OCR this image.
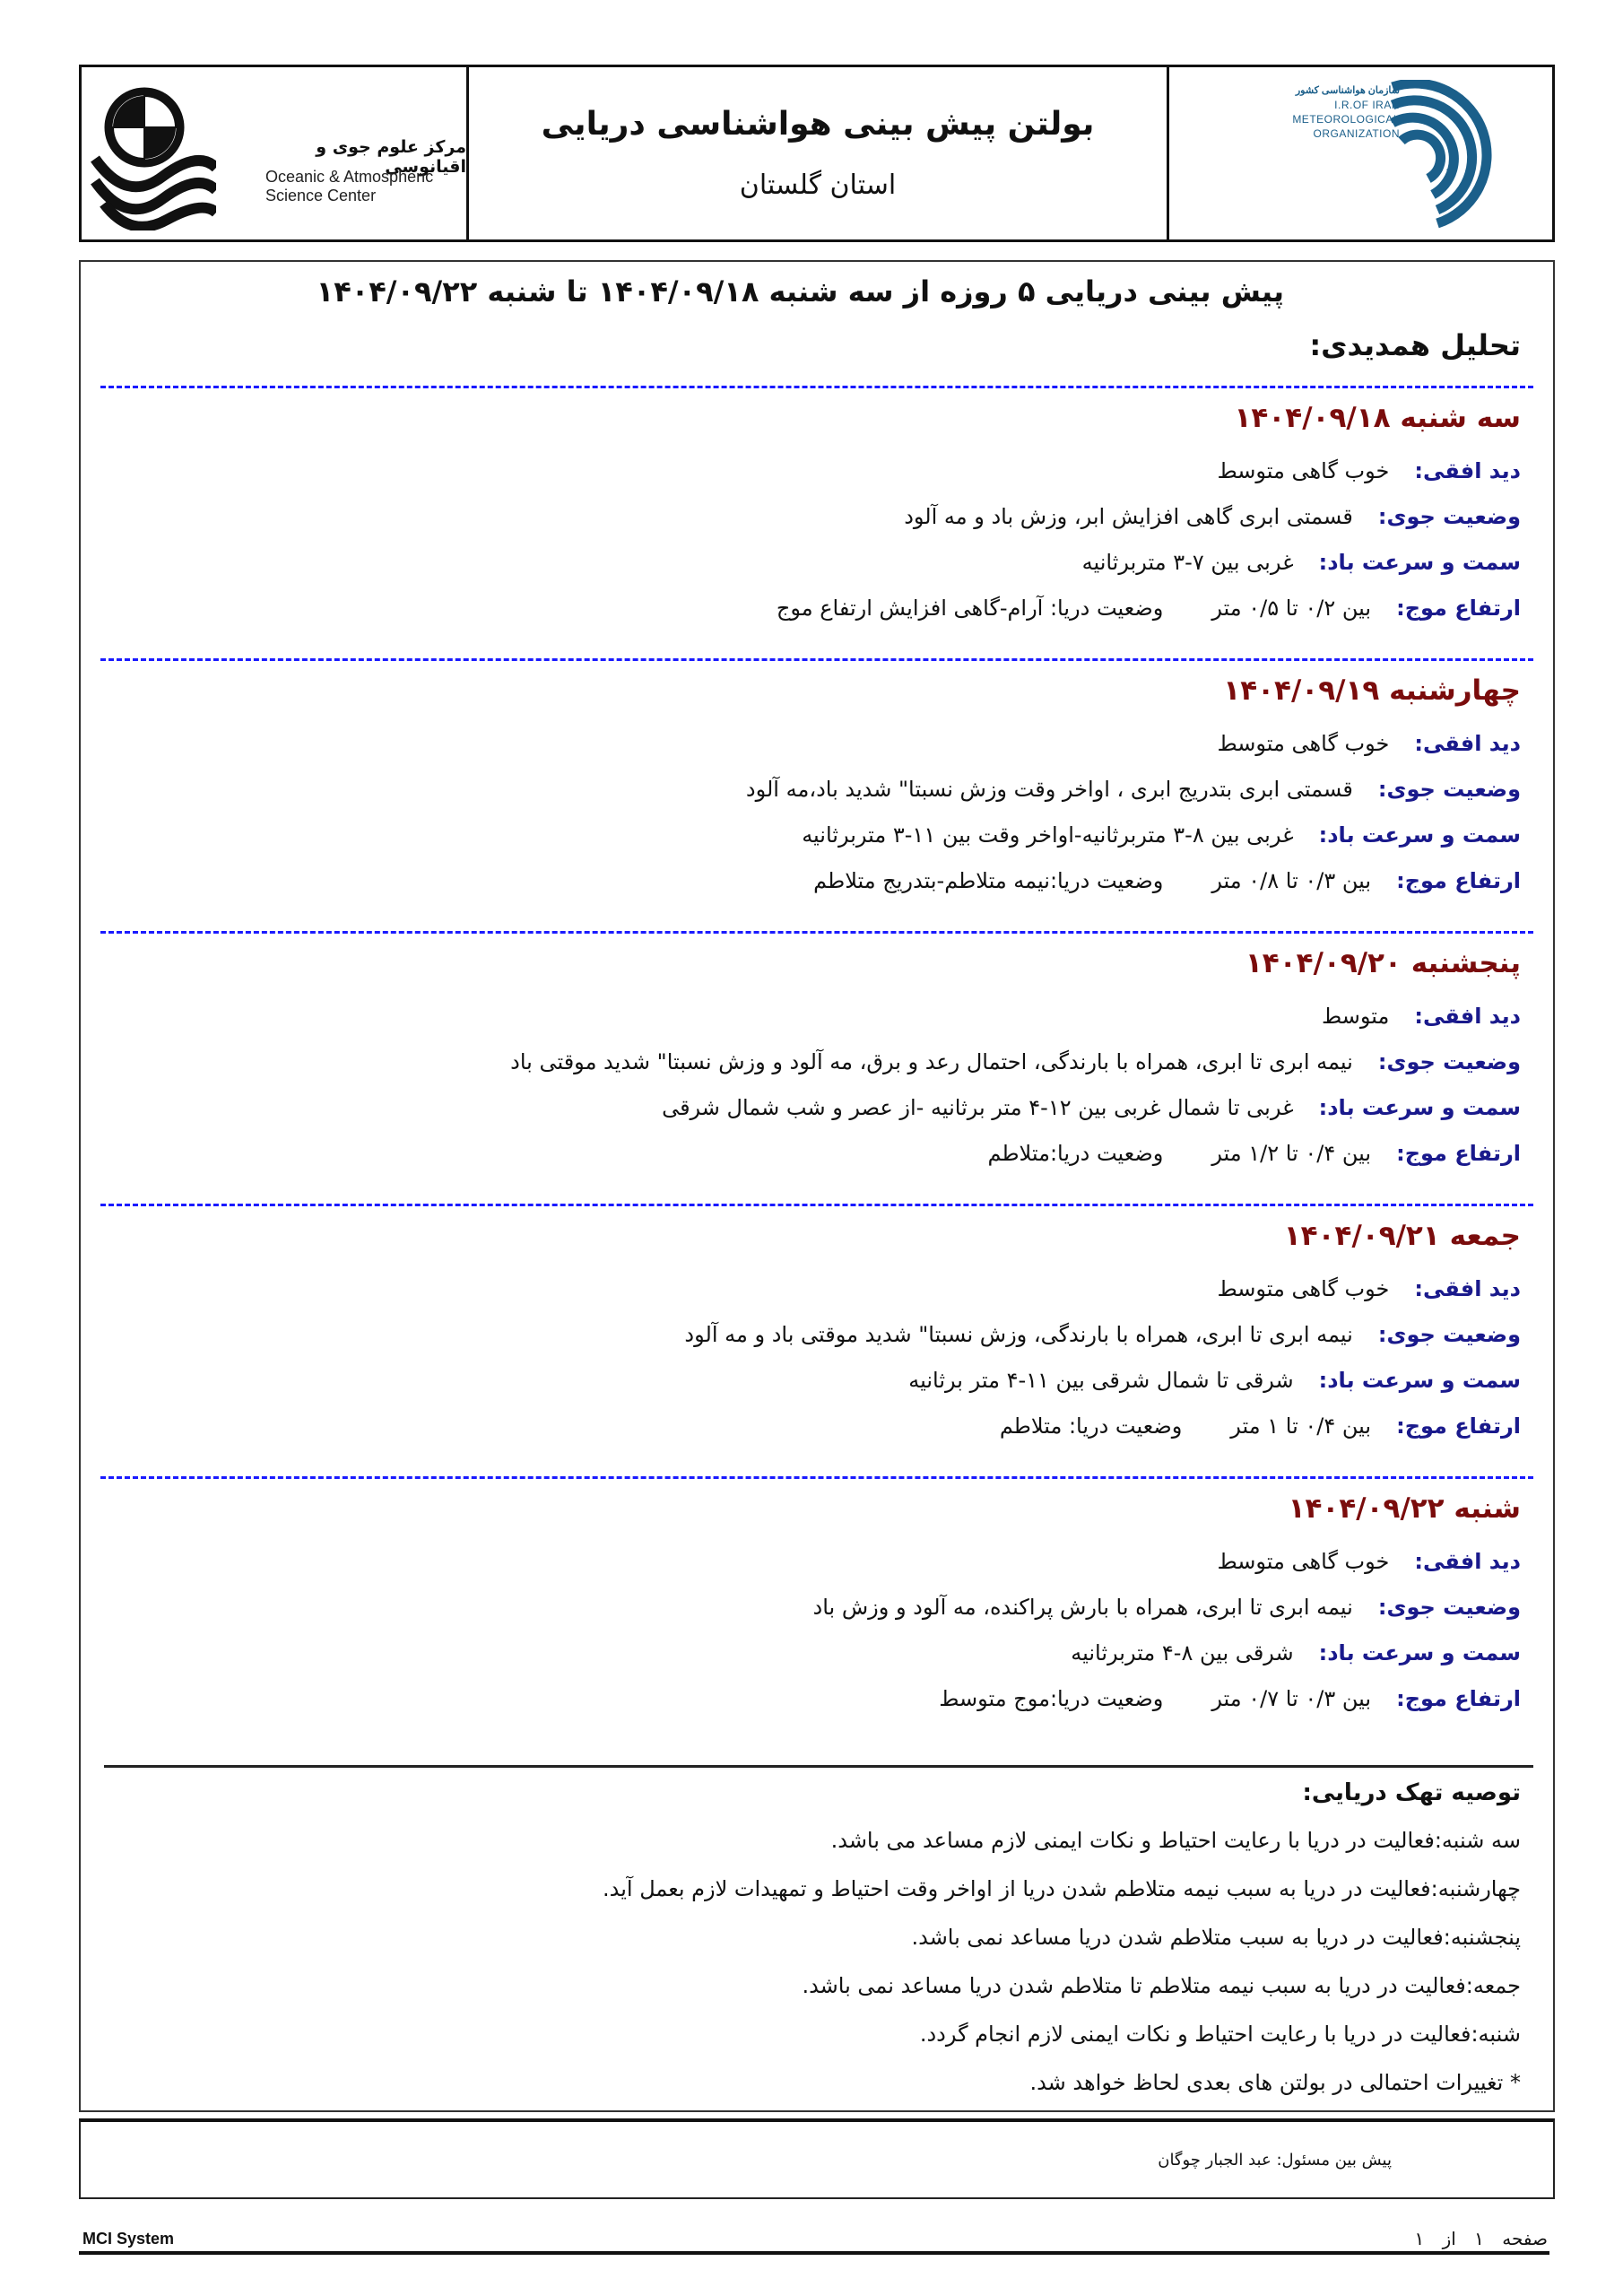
مرکز علوم جوی و اقیانوسی
Oceanic & Atmospheric
Science Center
بولتن پیش بینی هواشناسی دریایی
استان گلستان
سازمان هواشناسی کشور
I.R.OF IRAN
METEOROLOGICAL
ORGANIZATION
پیش بینی دریایی ۵ روزه از سه شنبه ۱۴۰۴/۰۹/۱۸ تا شنبه ۱۴۰۴/۰۹/۲۲
تحلیل همدیدی:
سه شنبه ۱۴۰۴/۰۹/۱۸
دید افقی:
خوب گاهی متوسط
وضعیت جوی:
قسمتی ابری گاهی افزایش ابر، وزش باد و مه آلود
سمت و سرعت باد:
غربی بین ۷-۳ متربرثانیه
ارتفاع موج:
بین ۰/۲ تا ۰/۵ متر
وضعیت دریا: آرام-گاهی افزایش ارتفاع موج
چهارشنبه ۱۴۰۴/۰۹/۱۹
دید افقی:
خوب گاهی متوسط
وضعیت جوی:
قسمتی ابری بتدریج ابری ، اواخر وقت وزش نسبتا" شدید باد،مه آلود
سمت و سرعت باد:
غربی بین ۸-۳ متربرثانیه-اواخر وقت بین ۱۱-۳ متربرثانیه
ارتفاع موج:
بین ۰/۳ تا ۰/۸ متر
وضعیت دریا:نیمه متلاطم-بتدریج متلاطم
پنجشنبه ۱۴۰۴/۰۹/۲۰
دید افقی:
متوسط
وضعیت جوی:
نیمه ابری تا ابری، همراه با بارندگی، احتمال رعد و برق، مه آلود و وزش نسبتا" شدید موقتی باد
سمت و سرعت باد:
غربی تا شمال غربی بین ۱۲-۴ متر برثانیه -از عصر و شب شمال شرقی
ارتفاع موج:
بین ۰/۴ تا ۱/۲ متر
وضعیت دریا:متلاطم
جمعه ۱۴۰۴/۰۹/۲۱
دید افقی:
خوب گاهی متوسط
وضعیت جوی:
نیمه ابری تا ابری، همراه با بارندگی، وزش نسبتا" شدید موقتی باد و مه آلود
سمت و سرعت باد:
شرقی تا شمال شرقی بین ۱۱-۴ متر برثانیه
ارتفاع موج:
بین ۰/۴ تا ۱ متر
وضعیت دریا: متلاطم
شنبه ۱۴۰۴/۰۹/۲۲
دید افقی:
خوب گاهی متوسط
وضعیت جوی:
نیمه ابری تا ابری، همراه با بارش پراکنده، مه آلود و وزش باد
سمت و سرعت باد:
شرقی بین ۸-۴ متربرثانیه
ارتفاع موج:
بین ۰/۳ تا ۰/۷ متر
وضعیت دریا:موج متوسط
توصیه تهک دریایی:
سه شنبه:فعالیت در دریا با رعایت احتیاط و نکات ایمنی لازم مساعد می باشد.
چهارشنبه:فعالیت در دریا به سبب نیمه متلاطم شدن دریا از اواخر وقت احتیاط و تمهیدات لازم بعمل آید.
پنجشنبه:فعالیت در دریا به سبب متلاطم شدن دریا مساعد نمی باشد.
جمعه:فعالیت در دریا به سبب نیمه متلاطم تا متلاطم شدن دریا مساعد نمی باشد.
شنبه:فعالیت در دریا با رعایت احتیاط و نکات ایمنی لازم انجام گردد.
* تغییرات احتمالی در بولتن های بعدی لحاظ خواهد شد.
پیش بین مسئول: عبد الجبار چوگان
MCI System	صفحه ۱ از ۱
